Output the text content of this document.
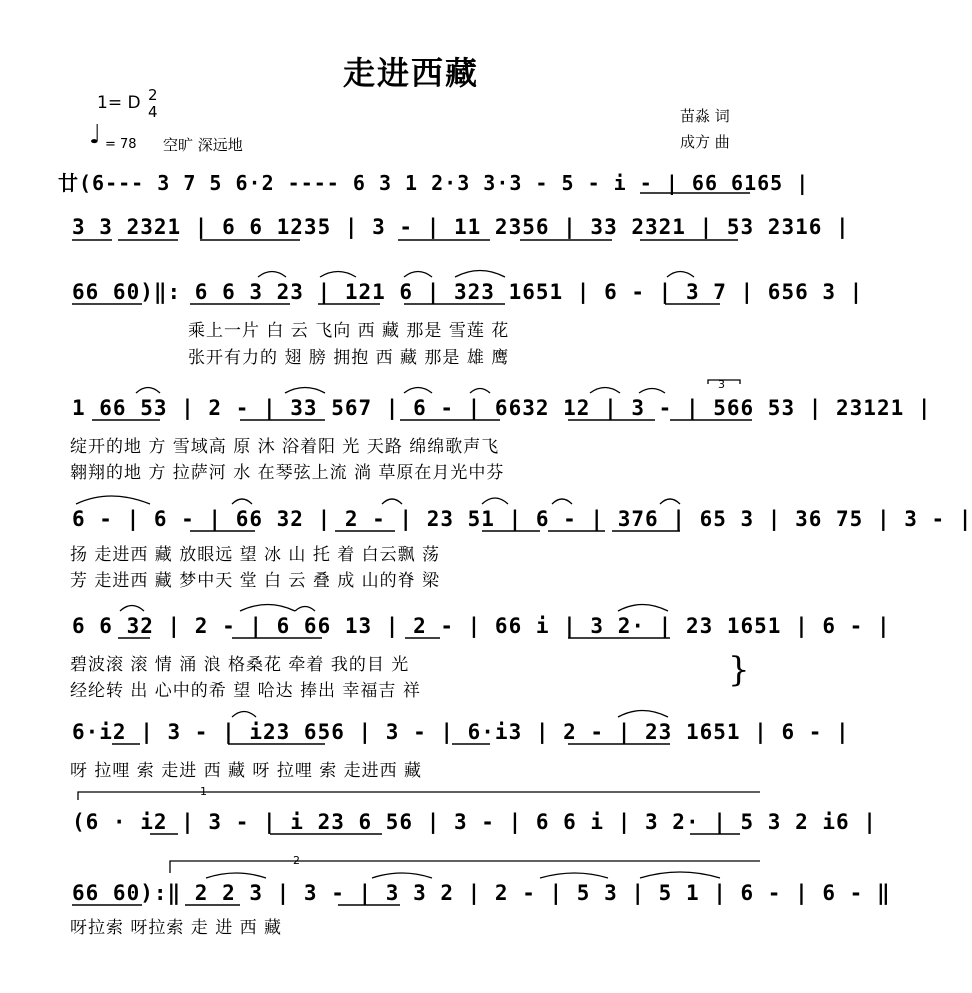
走进西藏
1= D 2
4
♩ = 78 空旷 深远地
苗淼 词
成方 曲
廿(6--- 3 7 5 6·2 ---- 6 3 1 2·3 3·3 - 5 - i - | 66 6165 |
3 3 2321 | 6 6 1235 | 3 - | 11 2356 | 33 2321 | 53 2316 |
66 60)‖: 6 6 3 23 | 121 6 | 323 1651 | 6 - | 3 7 | 656 3 |
乘上一片 白 云 飞向 西 藏 那是 雪莲 花
张开有力的 翅 膀 拥抱 西 藏 那是 雄 鹰
1 66 53 | 2 - | 33 567 | 6 - | 6632 12 | 3 - | 566 53 | 23121 |
绽开的地 方 雪域高 原 沐 浴着阳 光 天路 绵绵歌声飞
翱翔的地 方 拉萨河 水 在琴弦上流 淌 草原在月光中芬
6 - | 6 - | 66 32 | 2 - | 23 51 | 6 - | 376 | 65 3 | 36 75 | 3 - |
扬 走进西 藏 放眼远 望 冰 山 托 着 白云飘 荡
芳 走进西 藏 梦中天 堂 白 云 叠 成 山的脊 梁
6 6 32 | 2 - | 6 66 13 | 2 - | 66 i | 3 2· | 23 1651 | 6 - |
碧波滚 滚 情 涌 浪 格桑花 牵着 我的目 光
经纶转 出 心中的希 望 哈达 捧出 幸福吉 祥
}
6·i2 | 3 - | i23 656 | 3 - | 6·i3 | 2 - | 23 1651 | 6 - |
呀 拉哩 索 走进 西 藏 呀 拉哩 索 走进西 藏
1
(6 · i2 | 3 - | i 23 6 56 | 3 - | 6 6 i | 3 2· | 5 3 2 i6 |
2
66 60):‖ 2 2 3 | 3 - | 3 3 2 | 2 - | 5 3 | 5 1 | 6 - | 6 - ‖
呀拉索 呀拉索 走 进 西 藏
3
